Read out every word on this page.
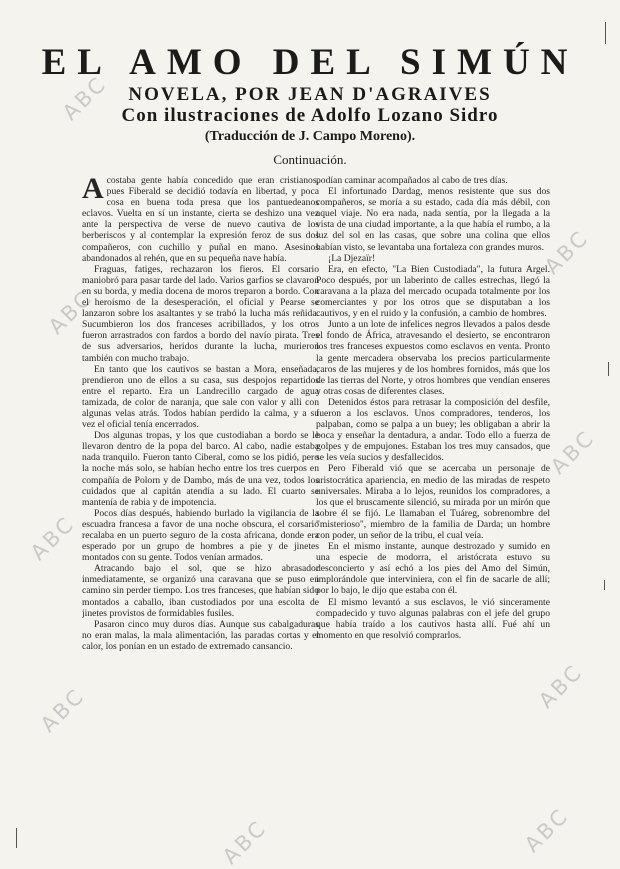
ABC
ABC
ABC
ABC
ABC
ABC
ABC
ABC
ABC
EL AMO DEL SIMÚN
NOVELA, POR JEAN D'AGRAIVES
Con ilustraciones de Adolfo Lozano Sidro
(Traducción de J. Campo Moreno).
Continuación.

Acostaba gente había concedido que eran cristianos, pues Fiberald se decidió todavía en libertad, y poca cosa en buena toda presa que los pantuedeanos eclavos. Vuelta en sí un instante, cierta se deshizo una vez ante la perspectiva de verse de nuevo cautiva de los berberiscos y al contemplar la expresión feroz de sus dos compañeros, con cuchillo y puñal en mano. Asesinos abandonados al rehén, que en su pequeña nave había.

Fraguas, fatiges, rechazaron los fieros. El corsario maniobró para pasar tarde del lado. Varios garfios se clavaron en su borda, y media docena de moros treparon a bordo. Con el heroísmo de la desesperación, el oficial y Pearse se lanzaron sobre los asaltantes y se trabó la lucha más reñida. Sucumbieron los dos franceses acribillados, y los otros fueron arrastrados con fardos a bordo del navío pirata. Tres de sus adversarios, heridos durante la lucha, murieron también con mucho trabajo.

En tanto que los cautivos se bastan a Mora, enseñada, prendieron uno de ellos a su casa, sus despojos repartidos entre el reparto. Era un Landrecillo cargado de agua tamizada, de color de naranja, que sale con valor y alli con algunas velas atrás. Todos habían perdido la calma, y a su vez el oficial tenía encerrados.

Dos algunas tropas, y los que custodiaban a bordo se le llevaron dentro de la popa del barco. Al cabo, nadie estaba nada tranquilo. Fueron tanto Ciberal, como se los pidió, pero la noche más solo, se habían hecho entre los tres cuerpos en compañía de Polorn y de Dambo, más de una vez, todos los cuidados que al capitán atendía a su lado. El cuarto se mantenía de rabia y de impotencia.

Pocos días después, habiendo burlado la vigilancia de la escuadra francesa a favor de una noche obscura, el corsario recalaba en un puerto seguro de la costa africana, donde era esperado por un grupo de hombres a pie y de jinetes montados con su gente. Todos venían armados.

Atracando bajo el sol, que se hizo abrasador inmediatamente, se organizó una caravana que se puso en camino sin perder tiempo. Los tres franceses, que habían sido montados a caballo, iban custodiados por una escolta de jinetes provistos de formidables fusiles.

Pasaron cinco muy duros días. Aunque sus cabalgaduras no eran malas, la mala alimentación, las paradas cortas y el calor, los ponían en un estado de extremado cansancio.

podían caminar acompañados al cabo de tres días.

El infortunado Dardag, menos resistente que sus dos compañeros, se moría a su estado, cada día más débil, con aquel viaje. No era nada, nada sentía, por la llegada a la vista de una ciudad importante, a la que había el rumbo, a la luz del sol en las casas, que sobre una colina que ellos habían visto, se levantaba una fortaleza con grandes muros.

¡La Djezaïr!

Era, en efecto, "La Bien Custodiada", la futura Argel. Poco después, por un laberinto de calles estrechas, llegó la caravana a la plaza del mercado ocupada totalmente por los comerciantes y por los otros que se disputaban a los cautivos, y en el ruido y la confusión, a cambio de hombres.

Junto a un lote de infelices negros llevados a palos desde el fondo de África, atravesando el desierto, se encontraron los tres franceses expuestos como esclavos en venta. Pronto la gente mercadera observaba los precios particularmente caros de las mujeres y de los hombres fornidos, más que los de las tierras del Norte, y otros hombres que vendían enseres y otras cosas de diferentes clases.

Detenidos éstos para retrasar la composición del desfile, fueron a los esclavos. Unos compradores, tenderos, los palpaban, como se palpa a un buey; les obligaban a abrir la boca y enseñar la dentadura, a andar. Todo ello a fuerza de golpes y de empujones. Estaban los tres muy cansados, que se les veía sucios y desfallecidos.

Pero Fiberald vió que se acercaba un personaje de aristocrática apariencia, en medio de las miradas de respeto universales. Miraba a lo lejos, reunidos los compradores, a los que el bruscamente silenció, su mirada por un mirón que sobre él se fijó. Le llamaban el Tuáreg, sobrenombre del "misterioso", miembro de la familia de Darda; un hombre con poder, un señor de la tribu, el cual veía.

En el mismo instante, aunque destrozado y sumido en una especie de modorra, el aristócrata estuvo su desconcierto y así echó a los pies del Amo del Simún, implorándole que interviniera, con el fin de sacarle de allí; por lo bajo, le dijo que estaba con él.

El mismo levantó a sus esclavos, le vió sinceramente compadecido y tuvo algunas palabras con el jefe del grupo que había traído a los cautivos hasta allí. Fué ahí un momento en que resolvió comprarlos.
